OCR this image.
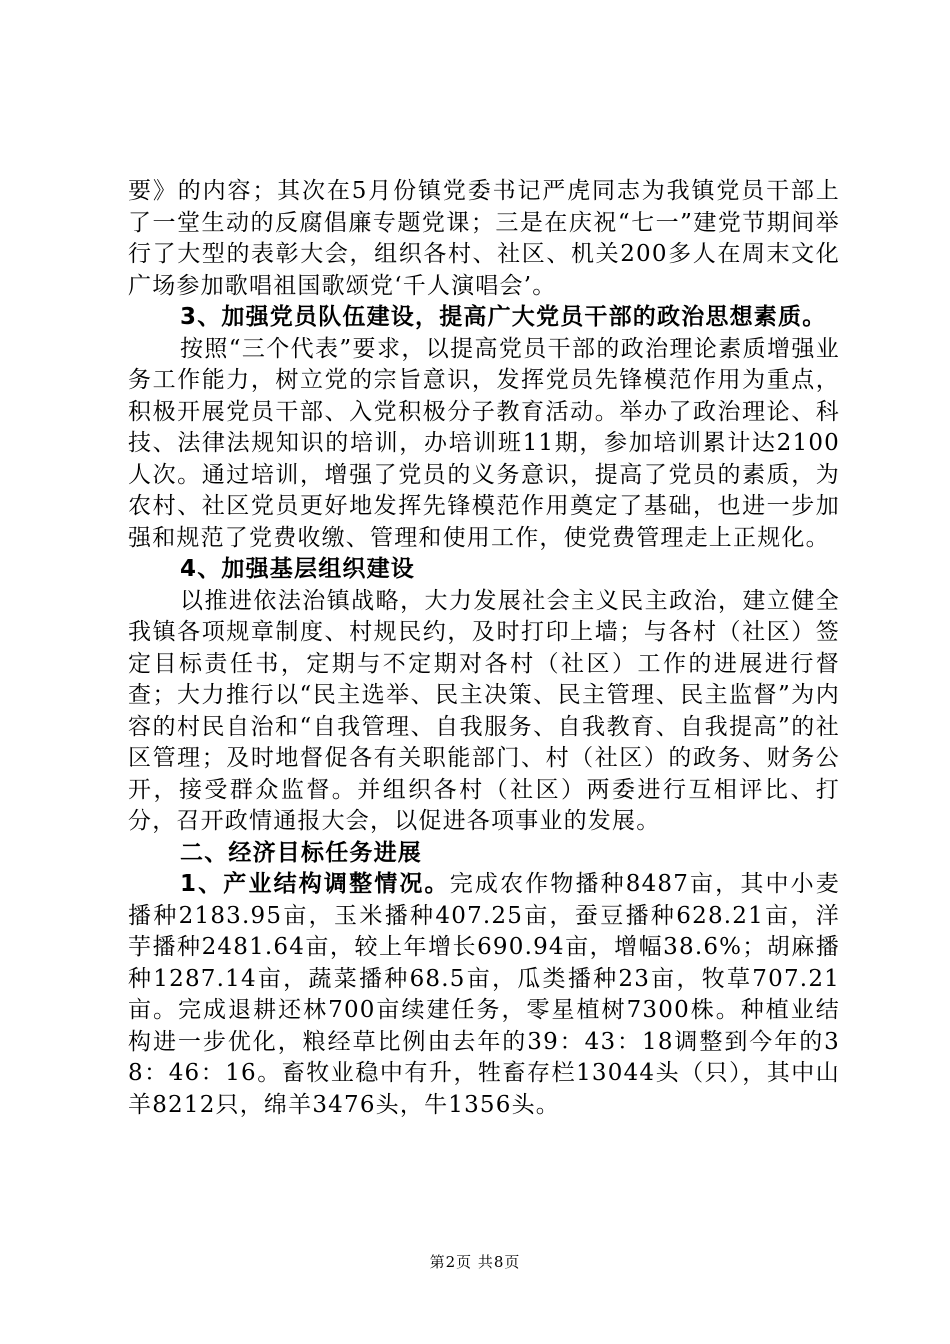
要》的内容；其次在5月份镇党委书记严虎同志为我镇党员干部上了一堂生动的反腐倡廉专题党课；三是在庆祝“七一”建党节期间举行了大型的表彰大会，组织各村、社区、机关200多人在周末文化广场参加歌唱祖国歌颂党‘千人演唱会’。

3、加强党员队伍建设，提高广大党员干部的政治思想素质。

按照“三个代表”要求，以提高党员干部的政治理论素质增强业务工作能力，树立党的宗旨意识，发挥党员先锋模范作用为重点，积极开展党员干部、入党积极分子教育活动。举办了政治理论、科技、法律法规知识的培训，办培训班11期，参加培训累计达2100人次。通过培训，增强了党员的义务意识，提高了党员的素质，为农村、社区党员更好地发挥先锋模范作用奠定了基础，也进一步加强和规范了党费收缴、管理和使用工作，使党费管理走上正规化。

4、加强基层组织建设

以推进依法治镇战略，大力发展社会主义民主政治，建立健全我镇各项规章制度、村规民约，及时打印上墙；与各村（社区）签定目标责任书，定期与不定期对各村（社区）工作的进展进行督查；大力推行以“民主选举、民主决策、民主管理、民主监督”为内容的村民自治和“自我管理、自我服务、自我教育、自我提高”的社区管理；及时地督促各有关职能部门、村（社区）的政务、财务公开，接受群众监督。并组织各村（社区）两委进行互相评比、打分，召开政情通报大会，以促进各项事业的发展。

二、经济目标任务进展

1、产业结构调整情况。完成农作物播种8487亩，其中小麦播种2183.95亩，玉米播种407.25亩，蚕豆播种628.21亩，洋芋播种2481.64亩，较上年增长690.94亩，增幅38.6%；胡麻播种1287.14亩，蔬菜播种68.5亩，瓜类播种23亩，牧草707.21亩。完成退耕还林700亩续建任务，零星植树7300株。种植业结构进一步优化，粮经草比例由去年的39：43：18调整到今年的38：46：16。畜牧业稳中有升，牲畜存栏13044头（只），其中山羊8212只，绵羊3476头，牛1356头。

第2页 共8页
